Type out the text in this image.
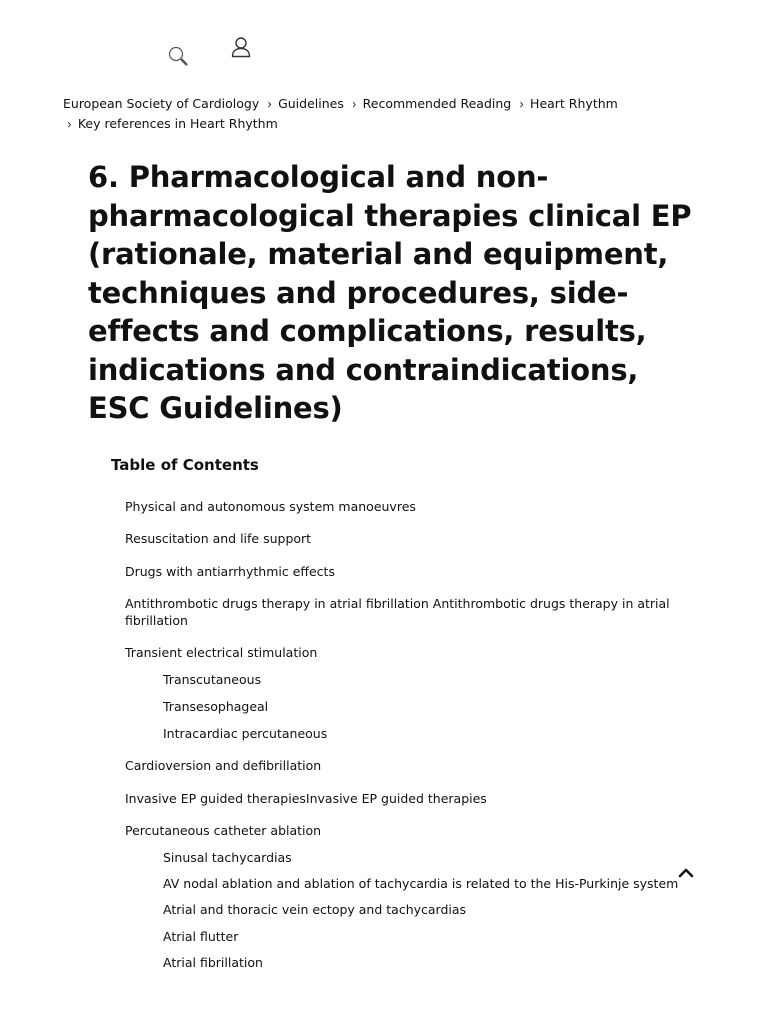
European Society of Cardiology › Guidelines › Recommended Reading › Heart Rhythm
› Key references in Heart Rhythm
6. Pharmacological and non-pharmacological therapies clinical EP (rationale, material and equipment, techniques and procedures, side-effects and complications, results, indications and contraindications, ESC Guidelines)
Table of Contents
Physical and autonomous system manoeuvres
Resuscitation and life support
Drugs with antiarrhythmic effects
Antithrombotic drugs therapy in atrial fibrillation Antithrombotic drugs therapy in atrial fibrillation
Transient electrical stimulation
Transcutaneous
Transesophageal
Intracardiac percutaneous
Cardioversion and defibrillation
Invasive EP guided therapiesInvasive EP guided therapies
Percutaneous catheter ablation
Sinusal tachycardias
AV nodal ablation and ablation of tachycardia is related to the His-Purkinje system
Atrial and thoracic vein ectopy and tachycardias
Atrial flutter
Atrial fibrillation
